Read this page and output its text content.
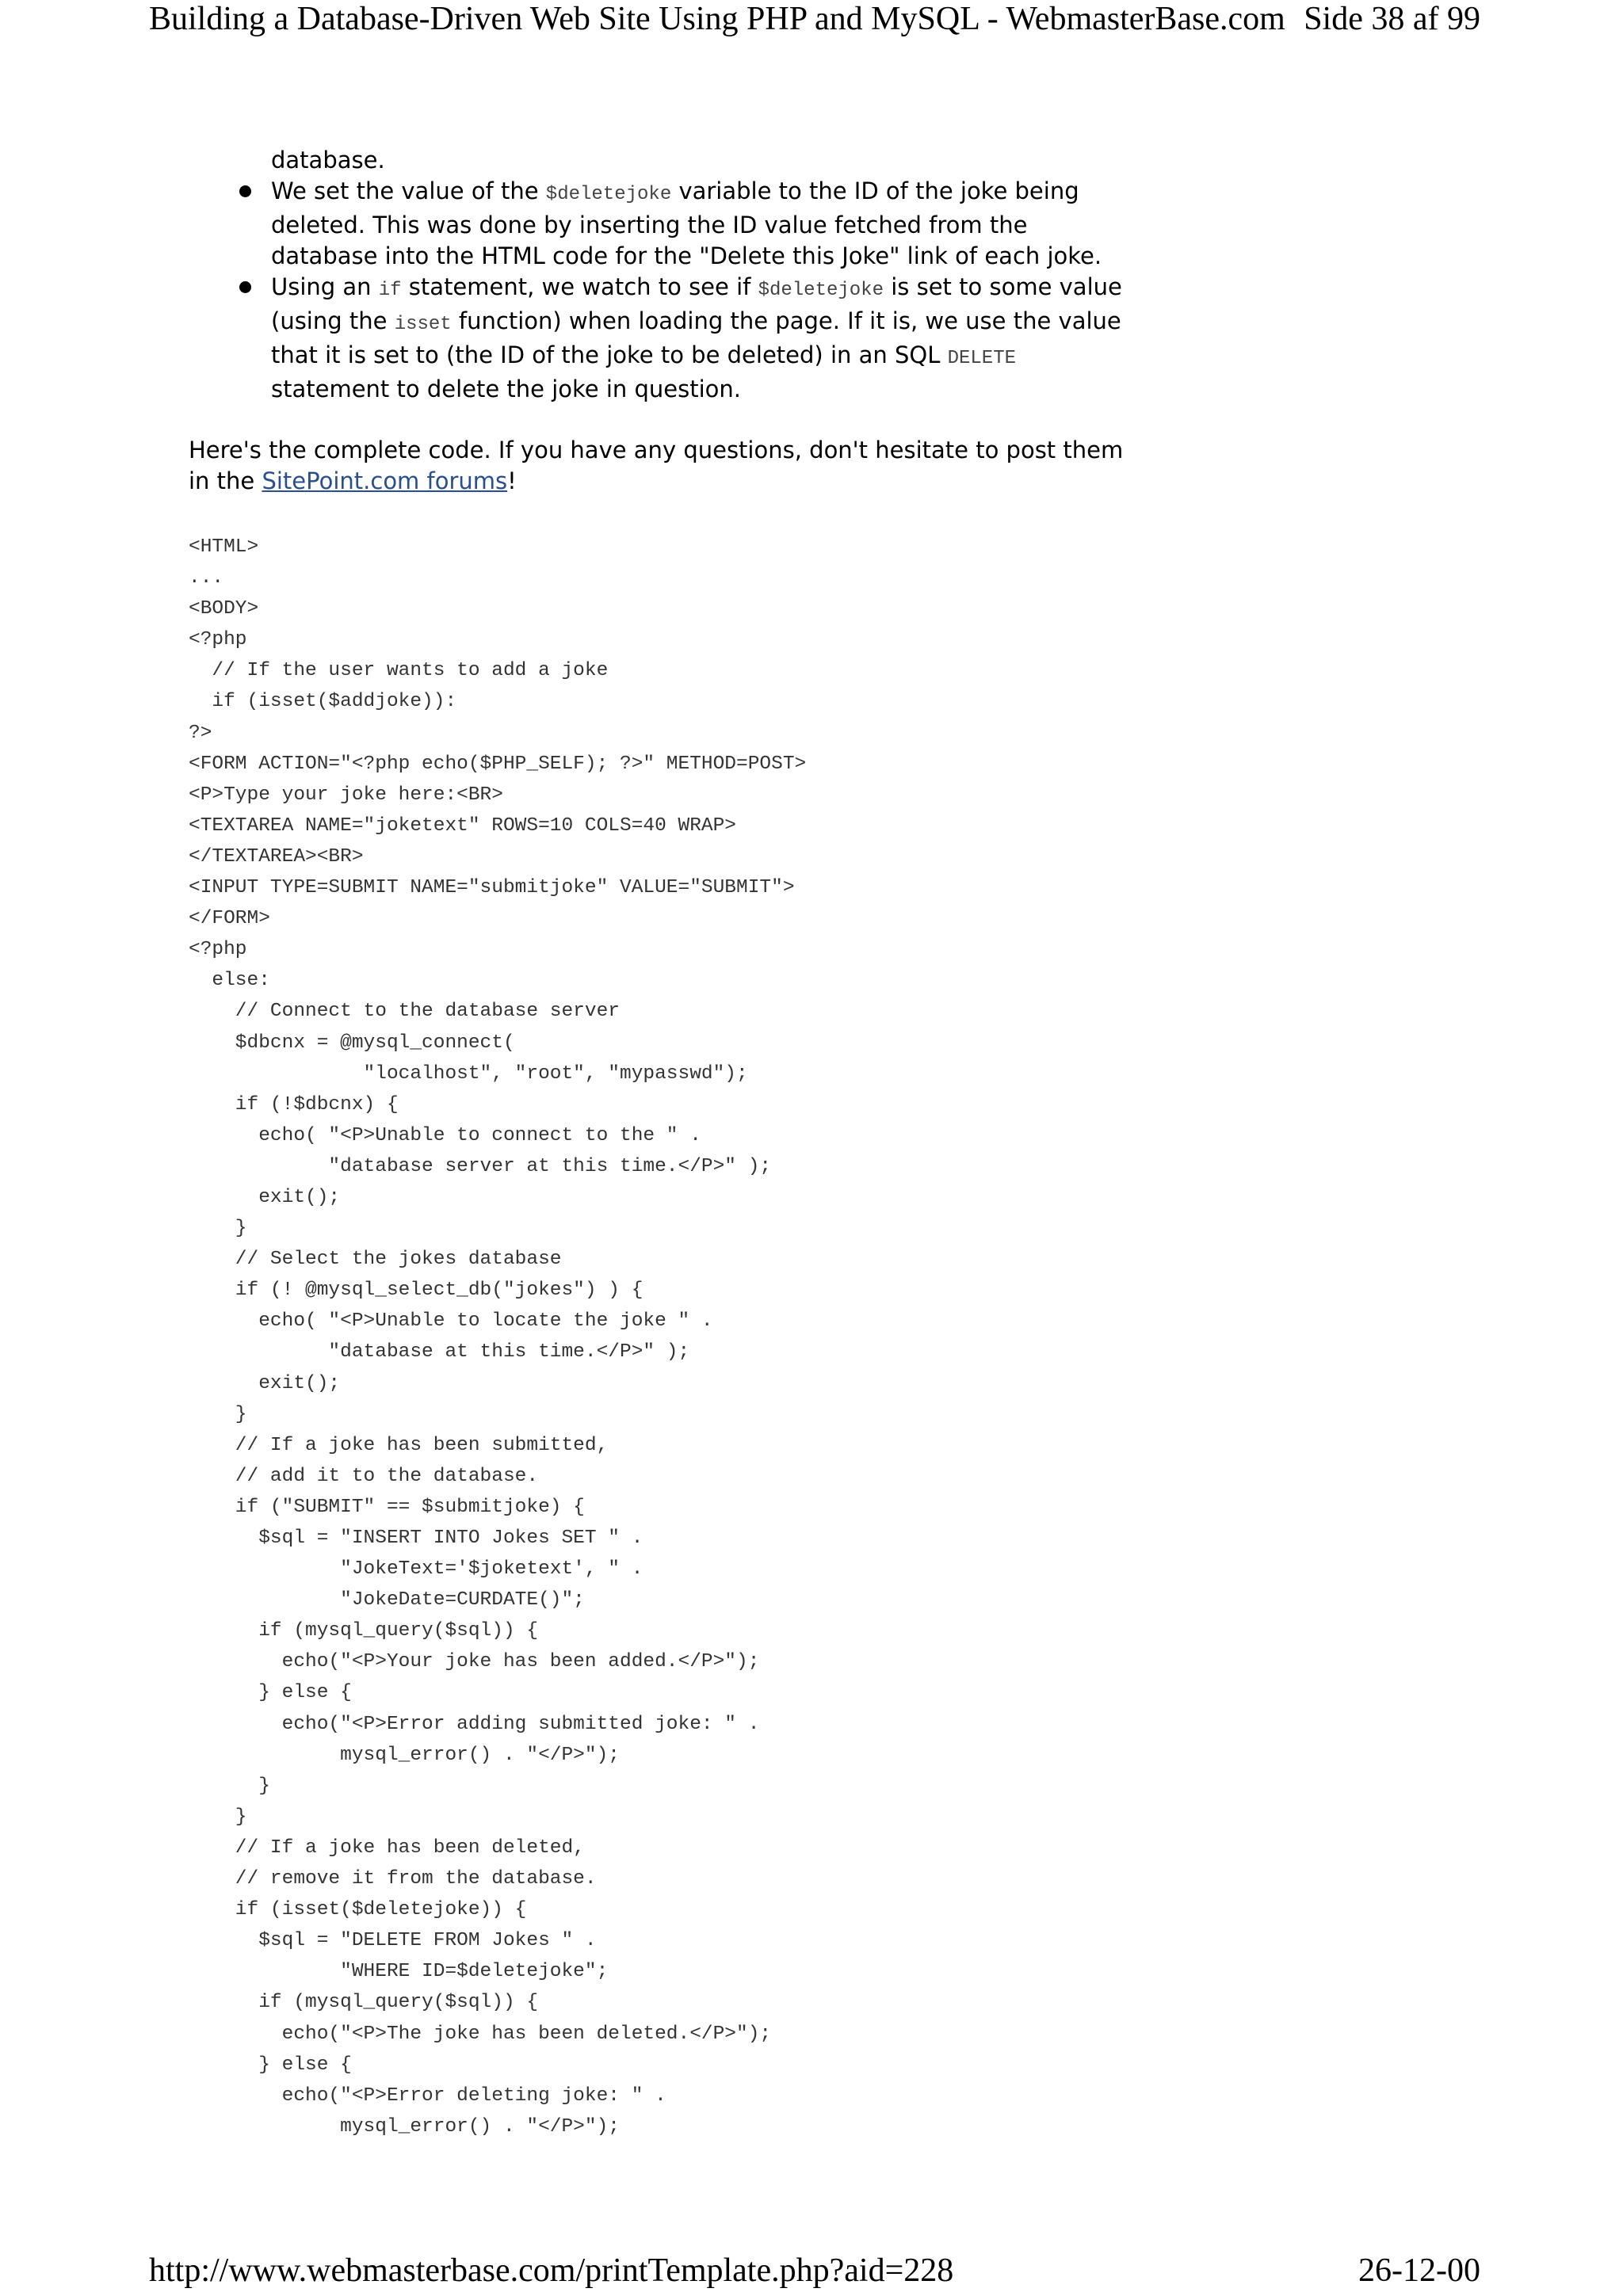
Building a Database-Driven Web Site Using PHP and MySQL - WebmasterBase.com Side 38 af 99
database.
We set the value of the $deletejoke variable to the ID of the joke being deleted. This was done by inserting the ID value fetched from the database into the HTML code for the "Delete this Joke" link of each joke.
Using an if statement, we watch to see if $deletejoke is set to some value (using the isset function) when loading the page. If it is, we use the value that it is set to (the ID of the joke to be deleted) in an SQL DELETE statement to delete the joke in question.

Here's the complete code. If you have any questions, don't hesitate to post them in the SitePoint.com forums!

<HTML>
...
<BODY>
<?php
// If the user wants to add a joke
if (isset($addjoke)):
?>
<FORM ACTION="<?php echo($PHP_SELF); ?>" METHOD=POST>
<P>Type your joke here:<BR>
<TEXTAREA NAME="joketext" ROWS=10 COLS=40 WRAP>
</TEXTAREA><BR>
<INPUT TYPE=SUBMIT NAME="submitjoke" VALUE="SUBMIT">
</FORM>
<?php
else:
// Connect to the database server
$dbcnx = @mysql_connect(
"localhost", "root", "mypasswd");
if (!$dbcnx) {
echo( "<P>Unable to connect to the " .
"database server at this time.</P>" );
exit();
}
// Select the jokes database
if (! @mysql_select_db("jokes") ) {
echo( "<P>Unable to locate the joke " .
"database at this time.</P>" );
exit();
}
// If a joke has been submitted,
// add it to the database.
if ("SUBMIT" == $submitjoke) {
$sql = "INSERT INTO Jokes SET " .
"JokeText='$joketext', " .
"JokeDate=CURDATE()";
if (mysql_query($sql)) {
echo("<P>Your joke has been added.</P>");
} else {
echo("<P>Error adding submitted joke: " .
mysql_error() . "</P>");
}
}
// If a joke has been deleted,
// remove it from the database.
if (isset($deletejoke)) {
$sql = "DELETE FROM Jokes " .
"WHERE ID=$deletejoke";
if (mysql_query($sql)) {
echo("<P>The joke has been deleted.</P>");
} else {
echo("<P>Error deleting joke: " .
mysql_error() . "</P>");
http://www.webmasterbase.com/printTemplate.php?aid=228	26-12-00
